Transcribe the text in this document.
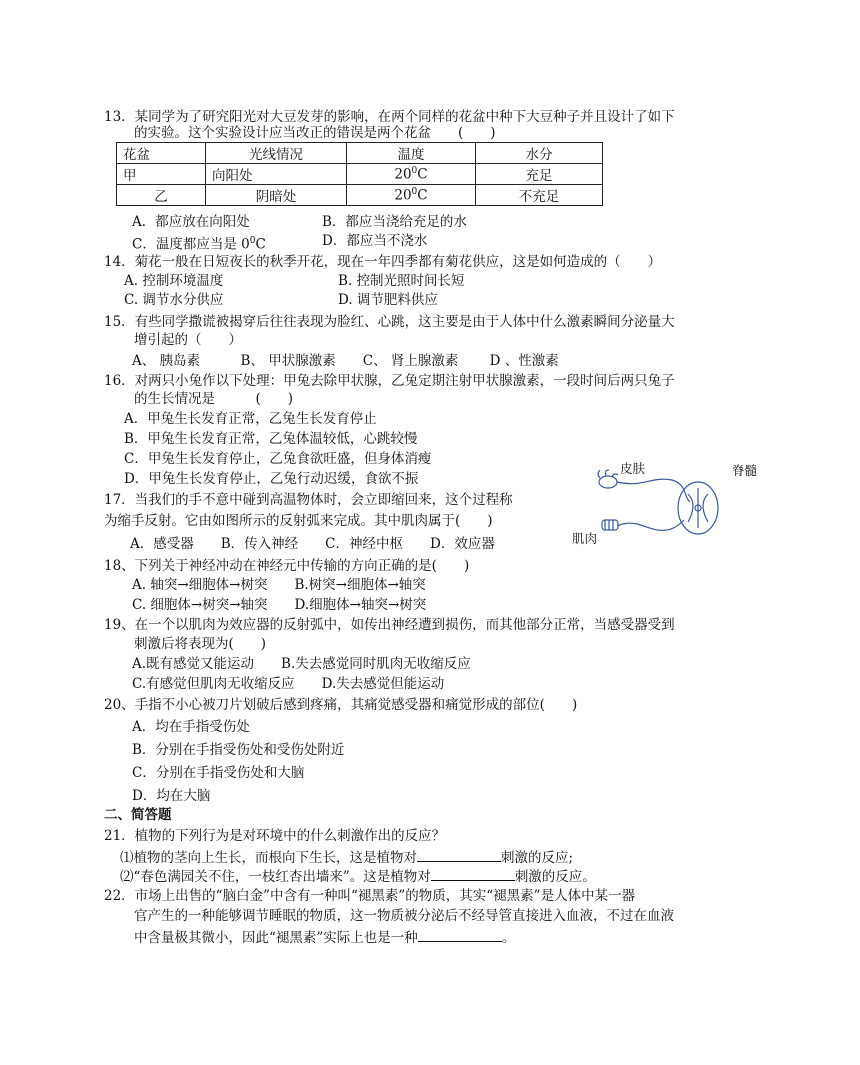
13．某同学为了研究阳光对大豆发芽的影响，在两个同样的花盆中种下大豆种子并且设计了如下
的实验。这个实验设计应当改正的错误是两个花盆　　(　　)
花盆	光线情况	温度	水分
甲	向阳处	$20^0C$	充足
乙	阴暗处	$20^0C$	不充足
A．都应放在向阳处	B．都应当浇给充足的水
C．温度都应当是 $0^0C$	D．都应当不浇水
14．菊花一般在日短夜长的秋季开花，现在一年四季都有菊花供应，这是如何造成的（　　）
A. 控制环境温度	B. 控制光照时间长短
C. 调节水分供应	D. 调节肥料供应
15．有些同学撒谎被揭穿后往往表现为脸红、心跳，这主要是由于人体中什么激素瞬间分泌量大
增引起的（　　）
A、 胰岛素　　　B、 甲状腺激素　　C、 肾上腺激素　　 D 、性激素
16．对两只小兔作以下处理：甲兔去除甲状腺，乙兔定期注射甲状腺激素，一段时间后两只兔子
的生长情况是　　　(　　)
A．甲兔生长发育正常，乙兔生长发育停止
B．甲兔生长发育正常，乙兔体温较低，心跳较慢
C．甲兔生长发育停止，乙兔食欲旺盛，但身体消瘦
D．甲兔生长发育停止，乙兔行动迟缓，食欲不振
17．当我们的手不意中碰到高温物体时，会立即缩回来，这个过程称
为缩手反射。它由如图所示的反射弧来完成。其中肌肉属于(　　)
A．感受器　　B．传入神经　　C．神经中枢　　D．效应器
皮肤	脊髓
肌肉
18、下列关于神经冲动在神经元中传输的方向正确的是(　　)
A. 轴突→细胞体→树突　　B.树突→细胞体→轴突
C. 细胞体→树突→轴突　　D.细胞体→轴突→树突
19、在一个以肌肉为效应器的反射弧中，如传出神经遭到损伤，而其他部分正常，当感受器受到
刺激后将表现为(　　)
A.既有感觉又能运动　　B.失去感觉同时肌肉无收缩反应
C.有感觉但肌肉无收缩反应　　D.失去感觉但能运动
20、手指不小心被刀片划破后感到疼痛，其痛觉感受器和痛觉形成的部位(　　)
A．均在手指受伤处
B．分别在手指受伤处和受伤处附近
C．分别在手指受伤处和大脑
D．均在大脑
二、简答题
21．植物的下列行为是对环境中的什么刺激作出的反应？
⑴植物的茎向上生长，而根向下生长，这是植物对	刺激的反应;
⑵“春色满园关不住，一枝红杏出墙来”。这是植物对	刺激的反应。
22．市场上出售的“脑白金”中含有一种叫“褪黑素”的物质，其实“褪黑素”是人体中某一器
官产生的一种能够调节睡眠的物质，这一物质被分泌后不经导管直接进入血液，不过在血液
中含量极其微小，因此“褪黑素”实际上也是一种	。
